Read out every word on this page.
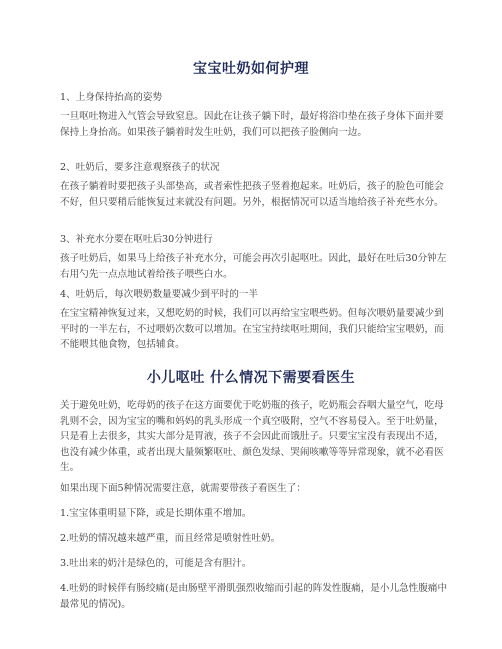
宝宝吐奶如何护理
1、上身保持抬高的姿势
一旦呕吐物进入气管会导致窒息。因此在让孩子躺下时，最好将浴巾垫在孩子身体下面并要保持上身抬高。如果孩子躺着时发生吐奶，我们可以把孩子脸侧向一边。
2、吐奶后，要多注意观察孩子的状况
在孩子躺着时要把孩子头部垫高，或者索性把孩子竖着抱起来。吐奶后，孩子的脸色可能会不好，但只要稍后能恢复过来就没有问题。另外，根据情况可以适当地给孩子补充些水分。
3、补充水分要在呕吐后30分钟进行
孩子吐奶后，如果马上给孩子补充水分，可能会再次引起呕吐。因此，最好在吐后30分钟左右用勺先一点点地试着给孩子喂些白水。
4、吐奶后，每次喂奶数量要减少到平时的一半
在宝宝精神恢复过来，又想吃奶的时候，我们可以再给宝宝喂些奶。但每次喂奶量要减少到平时的一半左右，不过喂奶次数可以增加。在宝宝持续呕吐期间，我们只能给宝宝喂奶，而不能喂其他食物，包括辅食。
小儿呕吐 什么情况下需要看医生
关于避免吐奶，吃母奶的孩子在这方面要优于吃奶瓶的孩子，吃奶瓶会吞咽大量空气，吃母乳则不会，因为宝宝的嘴和妈妈的乳头形成一个真空吸附，空气不容易侵入。至于吐奶量，只是看上去很多，其实大部分是胃液，孩子不会因此而饿肚子。只要宝宝没有表现出不适，也没有减少体重，或者出现大量频繁呕吐、颜色发绿、哭闹咳嗽等等异常现象，就不必看医生。
如果出现下面5种情况需要注意，就需要带孩子看医生了：
1.宝宝体重明显下降，或是长期体重不增加。
2.吐奶的情况越来越严重，而且经常是喷射性吐奶。
3.吐出来的奶汁是绿色的，可能是含有胆汁。
4.吐奶的时候伴有肠绞痛(是由肠壁平滑肌强烈收缩而引起的阵发性腹痛，是小儿急性腹痛中最常见的情况)。
